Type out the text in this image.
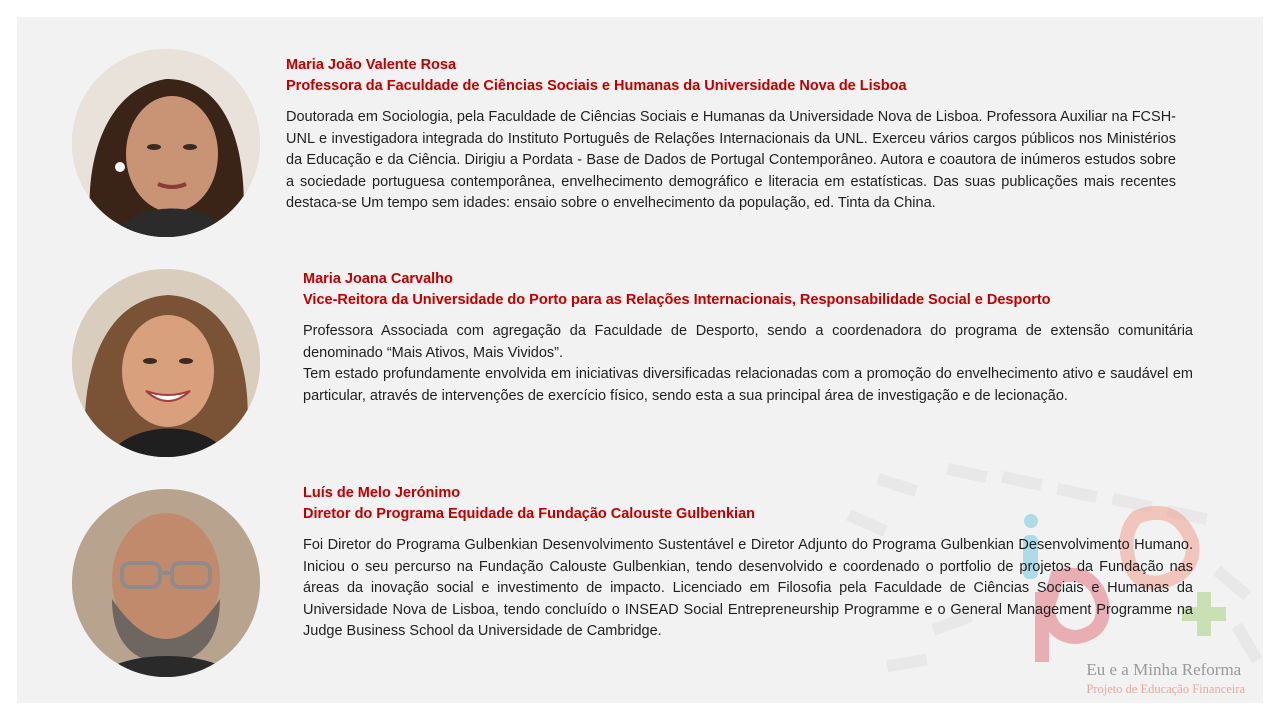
Maria João Valente Rosa
Professora da Faculdade de Ciências Sociais e Humanas da Universidade Nova de Lisboa

Doutorada em Sociologia, pela Faculdade de Ciências Sociais e Humanas da Universidade Nova de Lisboa. Professora Auxiliar na FCSH-UNL e investigadora integrada do Instituto Português de Relações Internacionais da UNL. Exerceu vários cargos públicos nos Ministérios da Educação e da Ciência. Dirigiu a Pordata - Base de Dados de Portugal Contemporâneo. Autora e coautora de inúmeros estudos sobre a sociedade portuguesa contemporânea, envelhecimento demográfico e literacia em estatísticas. Das suas publicações mais recentes destaca-se Um tempo sem idades: ensaio sobre o envelhecimento da população, ed. Tinta da China.

Maria Joana Carvalho
Vice-Reitora da Universidade do Porto para as Relações Internacionais, Responsabilidade Social e Desporto

Professora Associada com agregação da Faculdade de Desporto, sendo a coordenadora do programa de extensão comunitária denominado “Mais Ativos, Mais Vividos”.

Tem estado profundamente envolvida em iniciativas diversificadas relacionadas com a promoção do envelhecimento ativo e saudável em particular, através de intervenções de exercício físico, sendo esta a sua principal área de investigação e de lecionação.

Luís de Melo Jerónimo
Diretor do Programa Equidade da Fundação Calouste Gulbenkian

Foi Diretor do Programa Gulbenkian Desenvolvimento Sustentável e Diretor Adjunto do Programa Gulbenkian Desenvolvimento Humano. Iniciou o seu percurso na Fundação Calouste Gulbenkian, tendo desenvolvido e coordenado o portfolio de projetos da Fundação nas áreas da inovação social e investimento de impacto. Licenciado em Filosofia pela Faculdade de Ciências Sociais e Humanas da Universidade Nova de Lisboa, tendo concluído o INSEAD Social Entrepreneurship Programme e o General Management Programme na Judge Business School da Universidade de Cambridge.

Eu e a Minha Reforma
Projeto de Educação Financeira
